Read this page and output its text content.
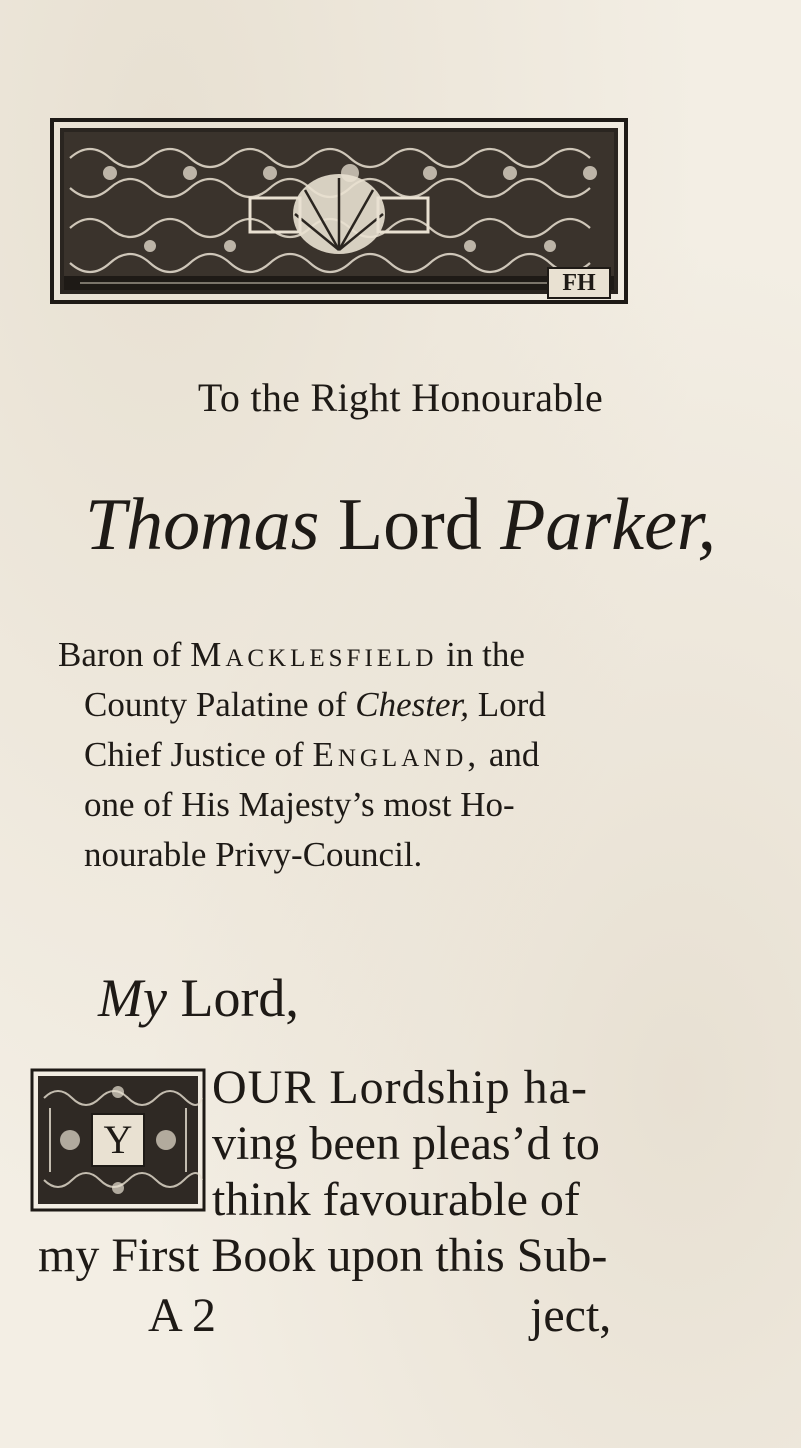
FH
To the Right Honourable
Thomas Lord Parker,

Baron of Macklesfield in the

County Palatine of Chester, Lord

Chief Justice of England, and

one of His Majesty’s most Ho-

nourable Privy-Council.

My Lord,
Y

OUR Lordship ha-

ving been pleas’d to

think favourable of

my First Book upon this Sub-

A 2	ject,
